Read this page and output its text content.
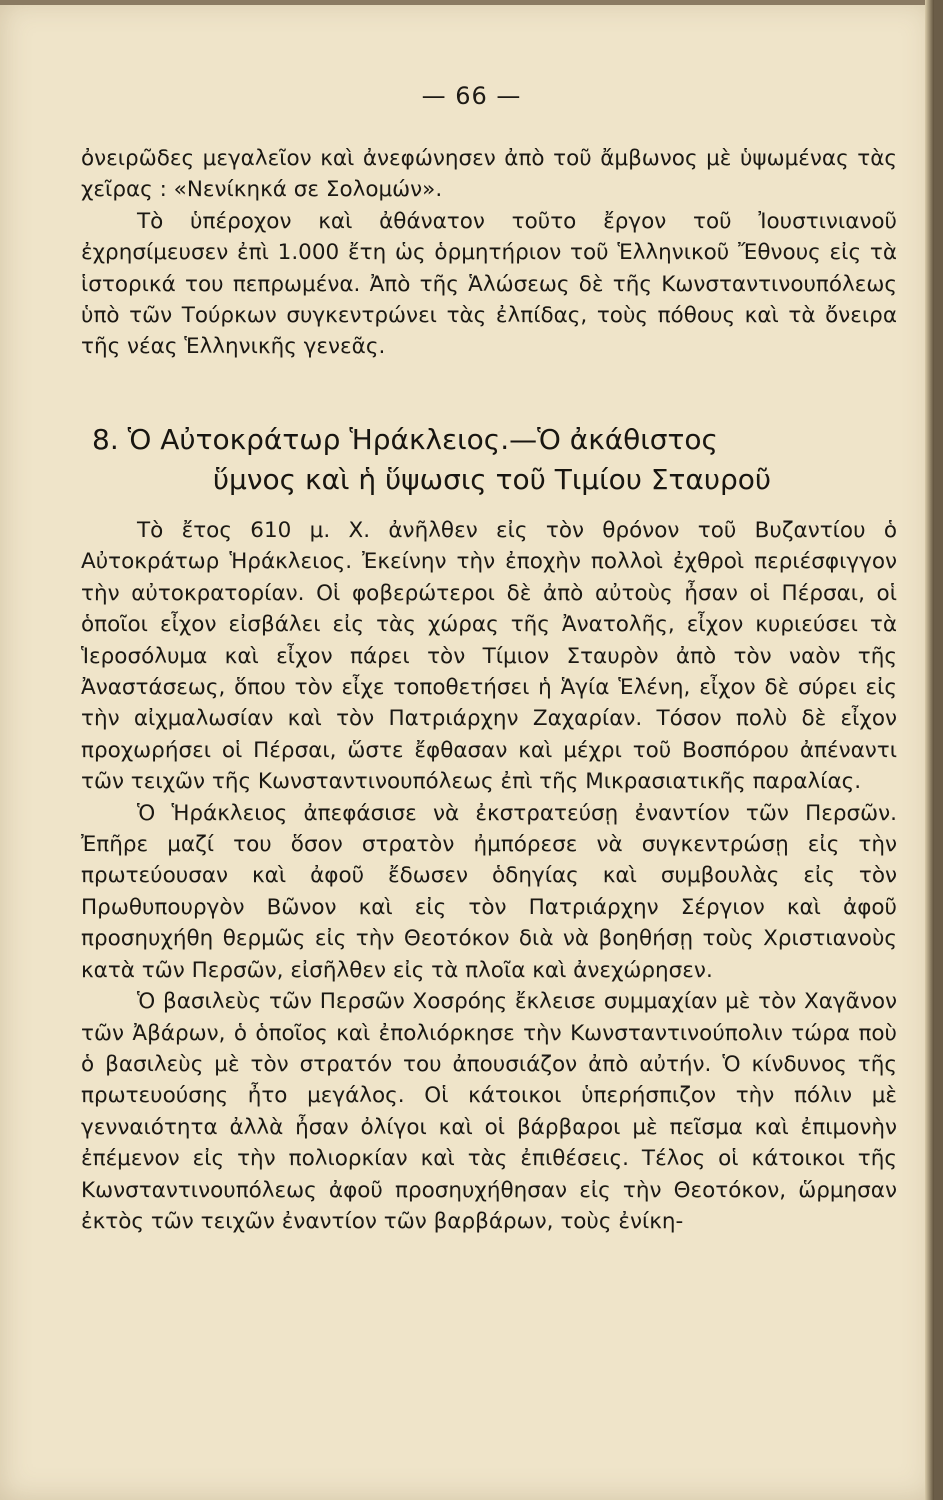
— 66 —

ὀνειρῶδες μεγαλεῖον καὶ ἀνεφώνησεν ἀπὸ τοῦ ἄμβωνος μὲ ὑψωμένας τὰς χεῖρας : «Νενίκηκά σε Σολομών».

Τὸ ὑπέροχον καὶ ἀθάνατον τοῦτο ἔργον τοῦ Ἰουστινιανοῦ ἐχρησίμευσεν ἐπὶ 1.000 ἔτη ὡς ὁρμητήριον τοῦ Ἑλληνικοῦ Ἔθνους εἰς τὰ ἱστορικά του πεπρωμένα. Ἀπὸ τῆς Ἁλώσεως δὲ τῆς Κωνσταντινουπόλεως ὑπὸ τῶν Τούρκων συγκεντρώνει τὰς ἐλπίδας, τοὺς πόθους καὶ τὰ ὄνειρα τῆς νέας Ἑλληνικῆς γενεᾶς.

8. Ὁ Αὐτοκράτωρ Ἡράκλειος.—Ὁ ἀκάθιστος
ὕμνος καὶ ἡ ὕψωσις τοῦ Τιμίου Σταυροῦ

Τὸ ἔτος 610 μ. Χ. ἀνῆλθεν εἰς τὸν θρόνον τοῦ Βυζαντίου ὁ Αὐτοκράτωρ Ἡράκλειος. Ἐκείνην τὴν ἐποχὴν πολλοὶ ἐχθροὶ περιέσφιγγον τὴν αὐτοκρατορίαν. Οἱ φοβερώτεροι δὲ ἀπὸ αὐτοὺς ἦσαν οἱ Πέρσαι, οἱ ὁποῖοι εἶχον εἰσβάλει εἰς τὰς χώρας τῆς Ἀνατολῆς, εἶχον κυριεύσει τὰ Ἱεροσόλυμα καὶ εἶχον πάρει τὸν Τίμιον Σταυρὸν ἀπὸ τὸν ναὸν τῆς Ἀναστάσεως, ὅπου τὸν εἶχε τοποθετήσει ἡ Ἁγία Ἑλένη, εἶχον δὲ σύρει εἰς τὴν αἰχμαλωσίαν καὶ τὸν Πατριάρχην Ζαχαρίαν. Τόσον πολὺ δὲ εἶχον προχωρήσει οἱ Πέρσαι, ὥστε ἔφθασαν καὶ μέχρι τοῦ Βοσπόρου ἀπέναντι τῶν τειχῶν τῆς Κωνσταντινουπόλεως ἐπὶ τῆς Μικρασιατικῆς παραλίας.

Ὁ Ἡράκλειος ἀπεφάσισε νὰ ἐκστρατεύσῃ ἐναντίον τῶν Περσῶν. Ἐπῆρε μαζί του ὅσον στρατὸν ἠμπόρεσε νὰ συγκεντρώσῃ εἰς τὴν πρωτεύουσαν καὶ ἀφοῦ ἔδωσεν ὁδηγίας καὶ συμβουλὰς εἰς τὸν Πρωθυπουργὸν Βῶνον καὶ εἰς τὸν Πατριάρχην Σέργιον καὶ ἀφοῦ προσηυχήθη θερμῶς εἰς τὴν Θεοτόκον διὰ νὰ βοηθήσῃ τοὺς Χριστιανοὺς κατὰ τῶν Περσῶν, εἰσῆλθεν εἰς τὰ πλοῖα καὶ ἀνεχώρησεν.

Ὁ βασιλεὺς τῶν Περσῶν Χοσρόης ἔκλεισε συμμαχίαν μὲ τὸν Χαγᾶνον τῶν Ἀβάρων, ὁ ὁποῖος καὶ ἐπολιόρκησε τὴν Κωνσταντινούπολιν τώρα ποὺ ὁ βασιλεὺς μὲ τὸν στρατόν του ἀπουσιάζον ἀπὸ αὐτήν. Ὁ κίνδυνος τῆς πρωτευούσης ἦτο μεγάλος. Οἱ κάτοικοι ὑπερήσπιζον τὴν πόλιν μὲ γενναιότητα ἀλλὰ ἦσαν ὀλίγοι καὶ οἱ βάρβαροι μὲ πεῖσμα καὶ ἐπιμονὴν ἐπέμενον εἰς τὴν πολιορκίαν καὶ τὰς ἐπιθέσεις. Τέλος οἱ κάτοικοι τῆς Κωνσταντινουπόλεως ἀφοῦ προσηυχήθησαν εἰς τὴν Θεοτόκον, ὥρμησαν ἐκτὸς τῶν τειχῶν ἐναντίον τῶν βαρβάρων, τοὺς ἐνίκη-
